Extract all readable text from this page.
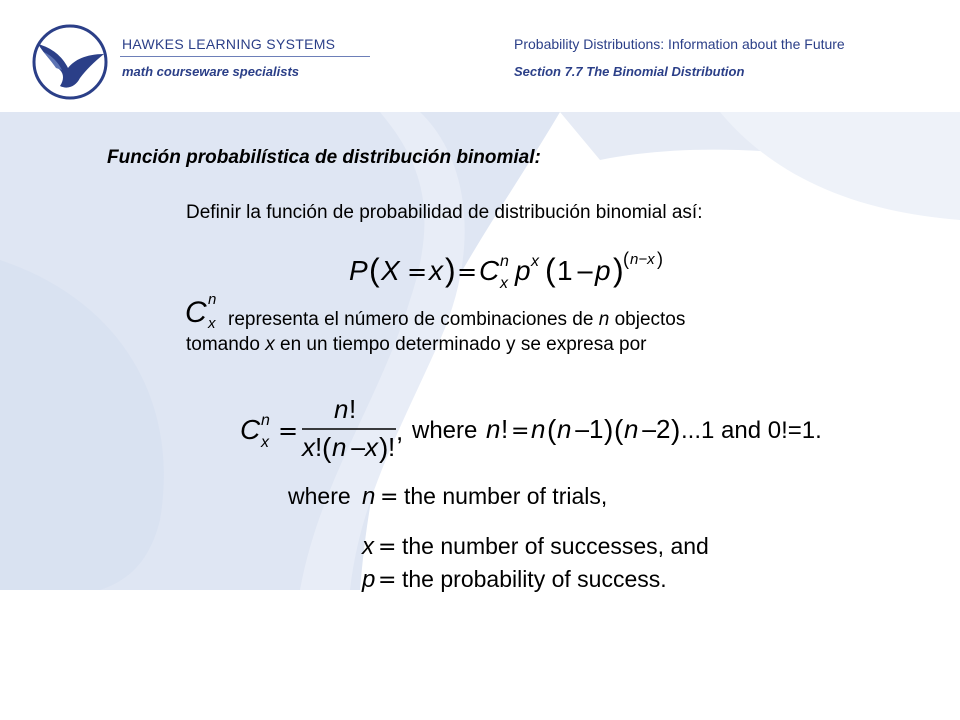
HAWKES LEARNING SYSTEMS
math courseware specialists
Probability Distributions: Information about the Future
Section 7.7 The Binomial Distribution
Función probabilística de distribución binomial:
Definir la función de probabilidad de distribución binomial así:
P ( X = x ) = C n
x p x ( 1 − p ) ( n−x )
C n
x representa el número de combinaciones de n objectos
tomando x en un tiempo determinado y se expresa por
C n
x =
n !
x ! ( n −
x ) !
, where n ! = n ( n −
1 ) ( n −
2 ) ...1 and 0!=1.
where n = the number of trials,
x = the number of successes, and
p = the probability of success.
